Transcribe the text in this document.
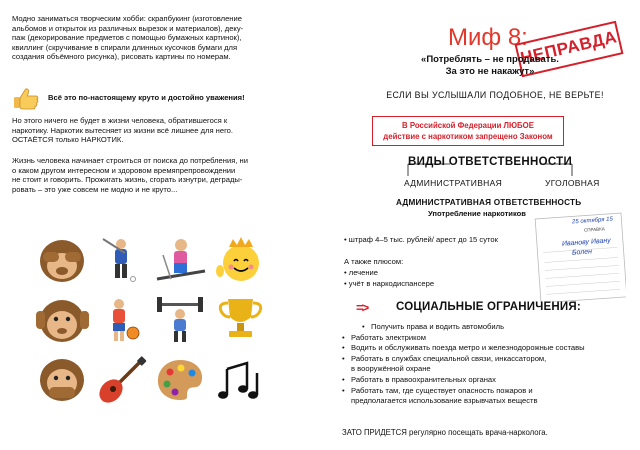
Модно заниматься творческим хобби: скрапбукинг (изготовление
альбомов и открыток из различных вырезок и материалов), деку-
паж (декорирование предметов с помощью бумажных картинок),
квиллинг (скручивание в спирали длинных кусочков бумаги для
создания объёмного рисунка), рисовать картины по номерам.
Всё это по-настоящему круто и достойно уважения!
Но этого ничего не будет в жизни человека, обратившегося к
наркотику. Наркотик вытесняет из жизни всё лишнее для него.
ОСТАЁТСЯ только НАРКОТИК.
Жизнь человека начинает строиться от поиска до потребления, ни
о каком другом интересном и здоровом времяпрепровождении
не стоит и говорить. Прожигать жизнь, сгорать изнутри, деграды-
ровать – это уже совсем не модно и не круто...
Миф 8:
НЕПРАВДА
«Потреблять – не продавать.
За это не накажут»
ЕСЛИ ВЫ УСЛЫШАЛИ ПОДОБНОЕ, НЕ ВЕРЬТЕ!
В Российской Федерации ЛЮБОЕ
действие с наркотиком запрещено Законом
ВИДЫ ОТВЕТСТВЕННОСТИ
АДМИНИСТРАТИВНАЯ	УГОЛОВНАЯ
АДМИНИСТРАТИВНАЯ ОТВЕТСТВЕННОСТЬ
Употребление наркотиков
• штраф 4–5 тыс. рублей/ арест до 15 суток
А также плюсом:
• лечение
• учёт в наркодиспансере
25 октября 15
СПРАВКА
Иванову Ивану
Болен
=>	СОЦИАЛЬНЫЕ ОГРАНИЧЕНИЯ:
• Получить права и водить автомобиль
• Работать электриком
• Водить и обслуживать поезда метро и железнодорожные составы
• Работать в службах специальной связи, инкассатором,
в вооружённой охране
• Работать в правоохранительных органах
• Работать там, где существует опасность пожаров и
предполагается использование взрывчатых веществ
ЗАТО ПРИДЕТСЯ регулярно посещать врача-нарколога.
